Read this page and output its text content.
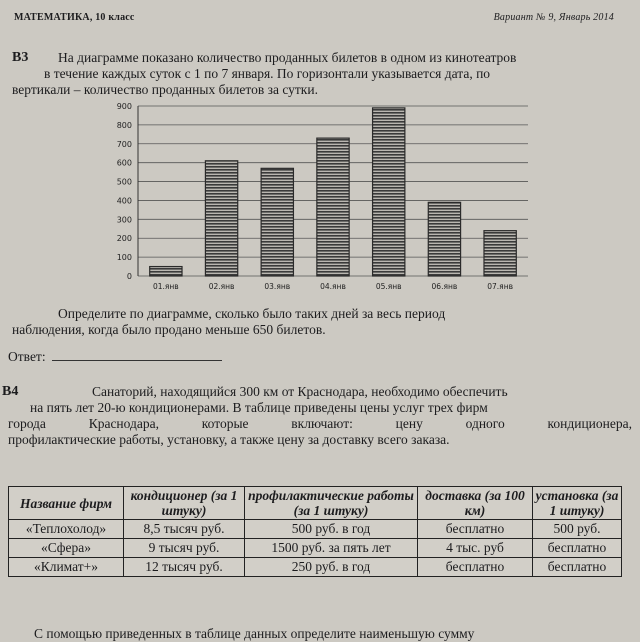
МАТЕМАТИКА, 10 класс	Вариант № 9, Январь 2014
В3 На диаграмме показано количество проданных билетов в одном из кинотеатров
в течение каждых суток с 1 по 7 января. По горизонтали указывается дата, по
вертикали – количество проданных билетов за сутки.
0
100
200
300
400
500
600
700
800
900
01.янв	02.янв	03.янв	04.янв	05.янв	06.янв	07.янв
Определите по диаграмме, сколько было таких дней за весь период
наблюдения, когда было продано меньше 650 билетов.
Ответ:
В4	Санаторий, находящийся 300 км от Краснодара, необходимо обеспечить
на пять лет 20-ю кондиционерами. В таблице приведены цены услуг трех фирм
города Краснодара, которые включают: цену одного кондиционера,
профилактические работы, установку, а также цену за доставку всего заказа.
Название фирм	кондиционер (за 1 штуку)	профилактические работы (за 1 штуку)	доставка (за 100 км)	установка (за 1 штуку)
«Теплохолод»	8,5 тысяч руб.	500 руб. в год	бесплатно	500 руб.
«Сфера»	9 тысяч руб.	1500 руб. за пять лет	4 тыс. руб	бесплатно
«Климат+»	12 тысяч руб.	250 руб. в год	бесплатно	бесплатно
С помощью приведенных в таблице данных определите наименьшую сумму
